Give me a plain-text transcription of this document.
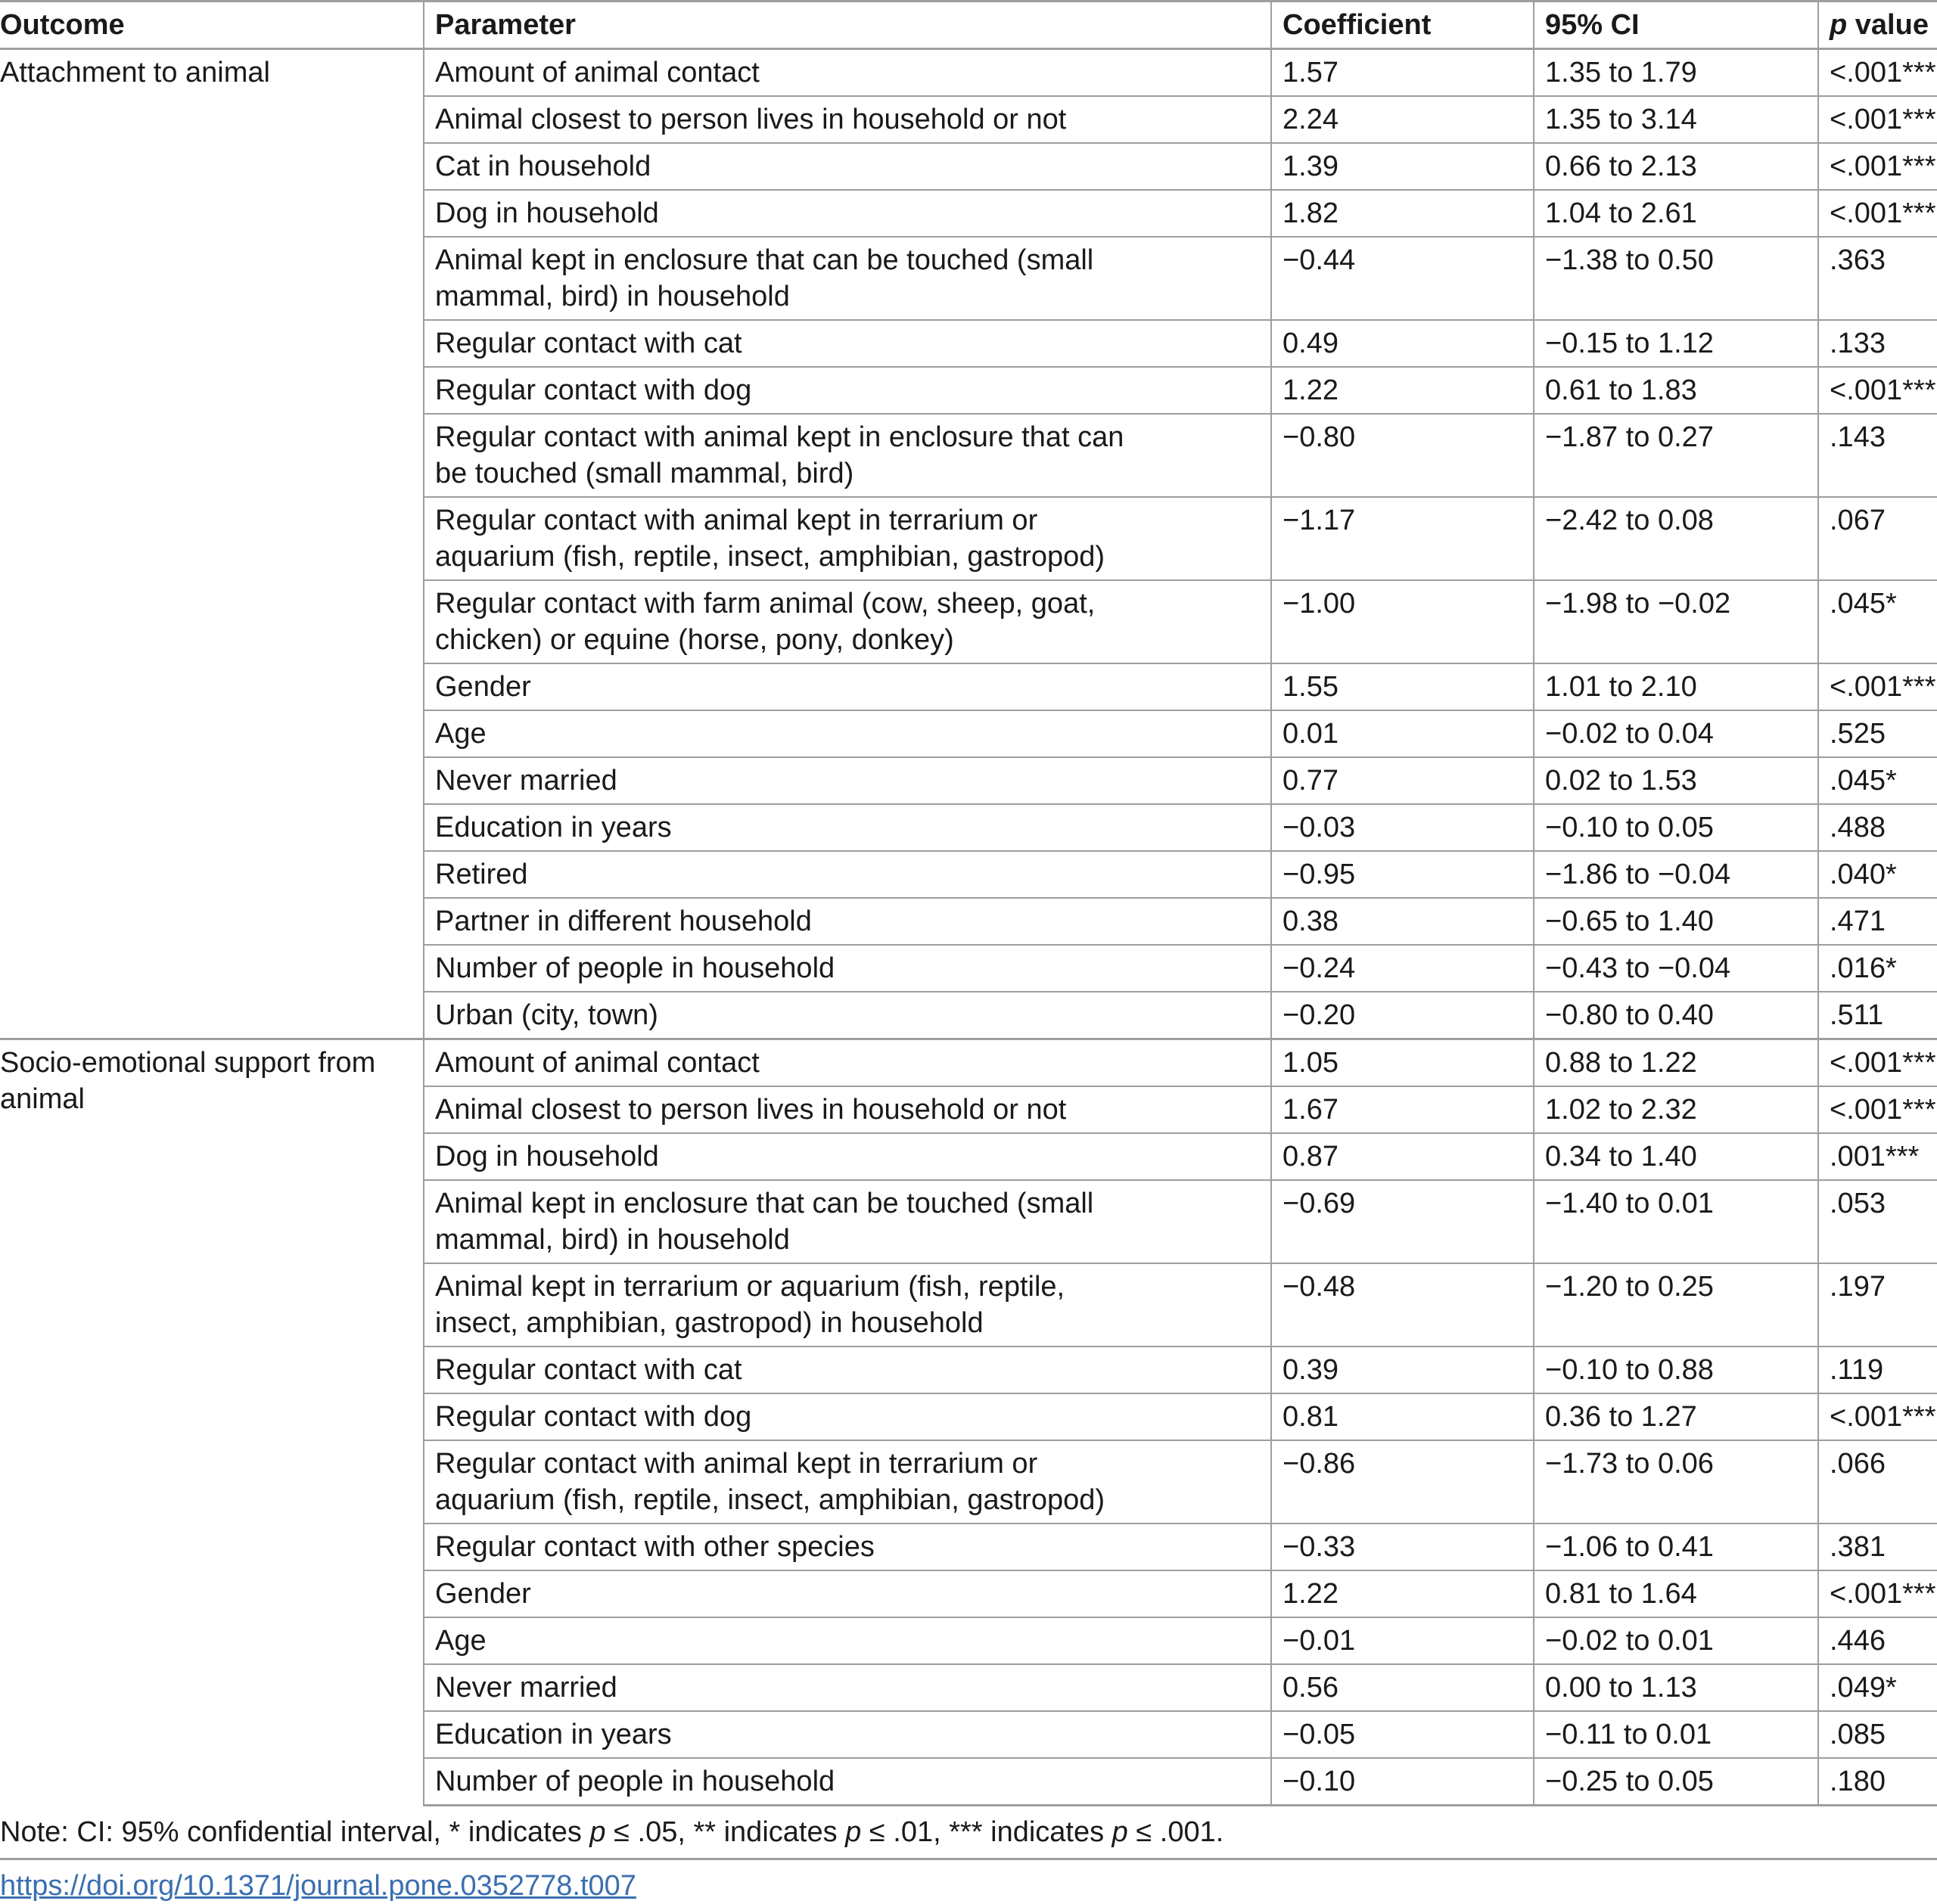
Outcome	Parameter	Coefficient	95% CI	p value
Attachment to animal	Amount of animal contact	1.57	1.35 to 1.79	<.001***

	Animal closest to person lives in household or not	2.24	1.35 to 3.14	<.001***

	Cat in household	1.39	0.66 to 2.13	<.001***

	Dog in household	1.82	1.04 to 2.61	<.001***

	Animal kept in enclosure that can be touched (small mammal, bird) in household	−0.44	−1.38 to 0.50	.363

	Regular contact with cat	0.49	−0.15 to 1.12	.133

	Regular contact with dog	1.22	0.61 to 1.83	<.001***

	Regular contact with animal kept in enclosure that can be touched (small mammal, bird)	−0.80	−1.87 to 0.27	.143

	Regular contact with animal kept in terrarium or aquarium (fish, reptile, insect, amphibian, gastropod)	−1.17	−2.42 to 0.08	.067

	Regular contact with farm animal (cow, sheep, goat, chicken) or equine (horse, pony, donkey)	−1.00	−1.98 to −0.02	.045*

	Gender	1.55	1.01 to 2.10	<.001***

	Age	0.01	−0.02 to 0.04	.525

	Never married	0.77	0.02 to 1.53	.045*

	Education in years	−0.03	−0.10 to 0.05	.488

	Retired	−0.95	−1.86 to −0.04	.040*

	Partner in different household	0.38	−0.65 to 1.40	.471

	Number of people in household	−0.24	−0.43 to −0.04	.016*

	Urban (city, town)	−0.20	−0.80 to 0.40	.511
Socio-emotional support from animal	Amount of animal contact	1.05	0.88 to 1.22	<.001***

	Animal closest to person lives in household or not	1.67	1.02 to 2.32	<.001***

	Dog in household	0.87	0.34 to 1.40	.001***

	Animal kept in enclosure that can be touched (small mammal, bird) in household	−0.69	−1.40 to 0.01	.053

	Animal kept in terrarium or aquarium (fish, reptile, insect, amphibian, gastropod) in household	−0.48	−1.20 to 0.25	.197

	Regular contact with cat	0.39	−0.10 to 0.88	.119

	Regular contact with dog	0.81	0.36 to 1.27	<.001***

	Regular contact with animal kept in terrarium or aquarium (fish, reptile, insect, amphibian, gastropod)	−0.86	−1.73 to 0.06	.066

	Regular contact with other species	−0.33	−1.06 to 0.41	.381

	Gender	1.22	0.81 to 1.64	<.001***

	Age	−0.01	−0.02 to 0.01	.446

	Never married	0.56	0.00 to 1.13	.049*

	Education in years	−0.05	−0.11 to 0.01	.085

	Number of people in household	−0.10	−0.25 to 0.05	.180

Note: CI: 95% confidential interval, * indicates p ≤ .05, ** indicates p ≤ .01, *** indicates p ≤ .001.

https://doi.org/10.1371/journal.pone.0352778.t007
